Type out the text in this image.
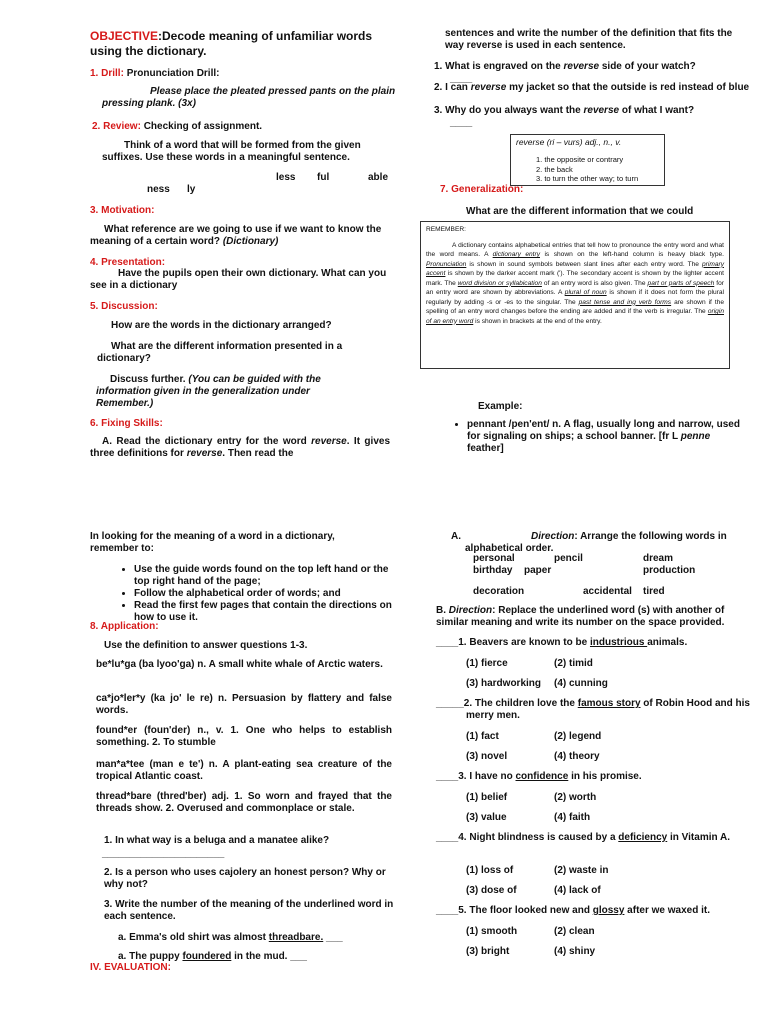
OBJECTIVE:Decode meaning of unfamiliar words using the dictionary.
1. Drill: Pronunciation Drill:
Please place the pleated pressed pants on the plain pressing plank. (3x)
2. Review: Checking of assignment.
Think of a word that will be formed from the given suffixes. Use these words in a meaningful sentence.
less ful	able
ness ly
3. Motivation:
What reference are we going to use if we want to know the meaning of a certain word? (Dictionary)
4. Presentation:
Have the pupils open their own dictionary. What can you see in a dictionary
5. Discussion:
How are the words in the dictionary arranged?
What are the different information presented in a dictionary?
Discuss further. (You can be guided with the information given in the generalization under Remember.)
6. Fixing Skills:
A. Read the dictionary entry for the word reverse. It gives three definitions for reverse. Then read the
sentences and write the number of the definition that fits the way reverse is used in each sentence.
1. What is engraved on the reverse side of your watch?
____
2. I can reverse my jacket so that the outside is red instead of blue
3. Why do you always want the reverse of what I want?
____
reverse (ri – vurs) adj., n., v.
1. the opposite or contrary
2. the back
3. to turn the other way; to turn
7. Generalization:
What are the different information that we could
REMEMBER:
A dictionary contains alphabetical entries that tell how to pronounce the entry word and what the word means. A dictionary entry is shown on the left-hand column is heavy black type. Pronunciation is shown in sound symbols between slant lines after each entry word. The primary accent is shown by the darker accent mark ('). The secondary accent is shown by the lighter accent mark. The word division or syllabication of an entry word is also given. The part or parts of speech for an entry word are shown by abbreviations. A plural of noun is shown if it does not form the plural regularly by adding -s or -es to the singular. The past tense and ing verb forms are shown if the spelling of an entry word changes before the ending are added and if the verb is irregular. The origin of an entry word is shown in brackets at the end of the entry.
Example:
• pennant /pen'ent/ n. A flag, usually long and narrow, used for signaling on ships; a school banner. [fr L penne feather]
In looking for the meaning of a word in a dictionary, remember to:
• Use the guide words found on the top left hand or the top right hand of the page;
• Follow the alphabetical order of words; and
• Read the first few pages that contain the directions on how to use it.
8. Application:
Use the definition to answer questions 1-3.
be*lu*ga (ba lyoo'ga) n. A small white whale of Arctic waters.
ca*jo*ler*y (ka jo' le re) n. Persuasion by flattery and false words.
found*er (foun'der) n., v. 1. One who helps to establish something. 2. To stumble
man*a*tee (man e te') n. A plant-eating sea creature of the tropical Atlantic coast.
thread*bare (thred'ber) adj. 1. So worn and frayed that the threads show. 2. Overused and commonplace or stale.
1. In what way is a beluga and a manatee alike?
______________________
2. Is a person who uses cajolery an honest person? Why or why not?
3. Write the number of the meaning of the underlined word in each sentence.
a. Emma's old shirt was almost threadbare. ___
a. The puppy foundered in the mud. ___
IV. EVALUATION:
A.	Direction: Arrange the following words in alphabetical order.
personal	pencil	dream
birthday paper	production
decoration	accidental tired
B. Direction: Replace the underlined word (s) with another of similar meaning and write its number on the space provided.
____1. Beavers are known to be industrious animals.
(1) fierce	(2) timid
(3) hardworking (4) cunning
_____2. The children love the famous story of Robin Hood and his merry men.
(1) fact	(2) legend
(3) novel	(4) theory
____3. I have no confidence in his promise.
(1) belief	(2) worth
(3) value	(4) faith
____4. Night blindness is caused by a deficiency in Vitamin A.
(1) loss of	(2) waste in
(3) dose of	(4) lack of
____5. The floor looked new and glossy after we waxed it.
(1) smooth	(2) clean
(3) bright	(4) shiny
